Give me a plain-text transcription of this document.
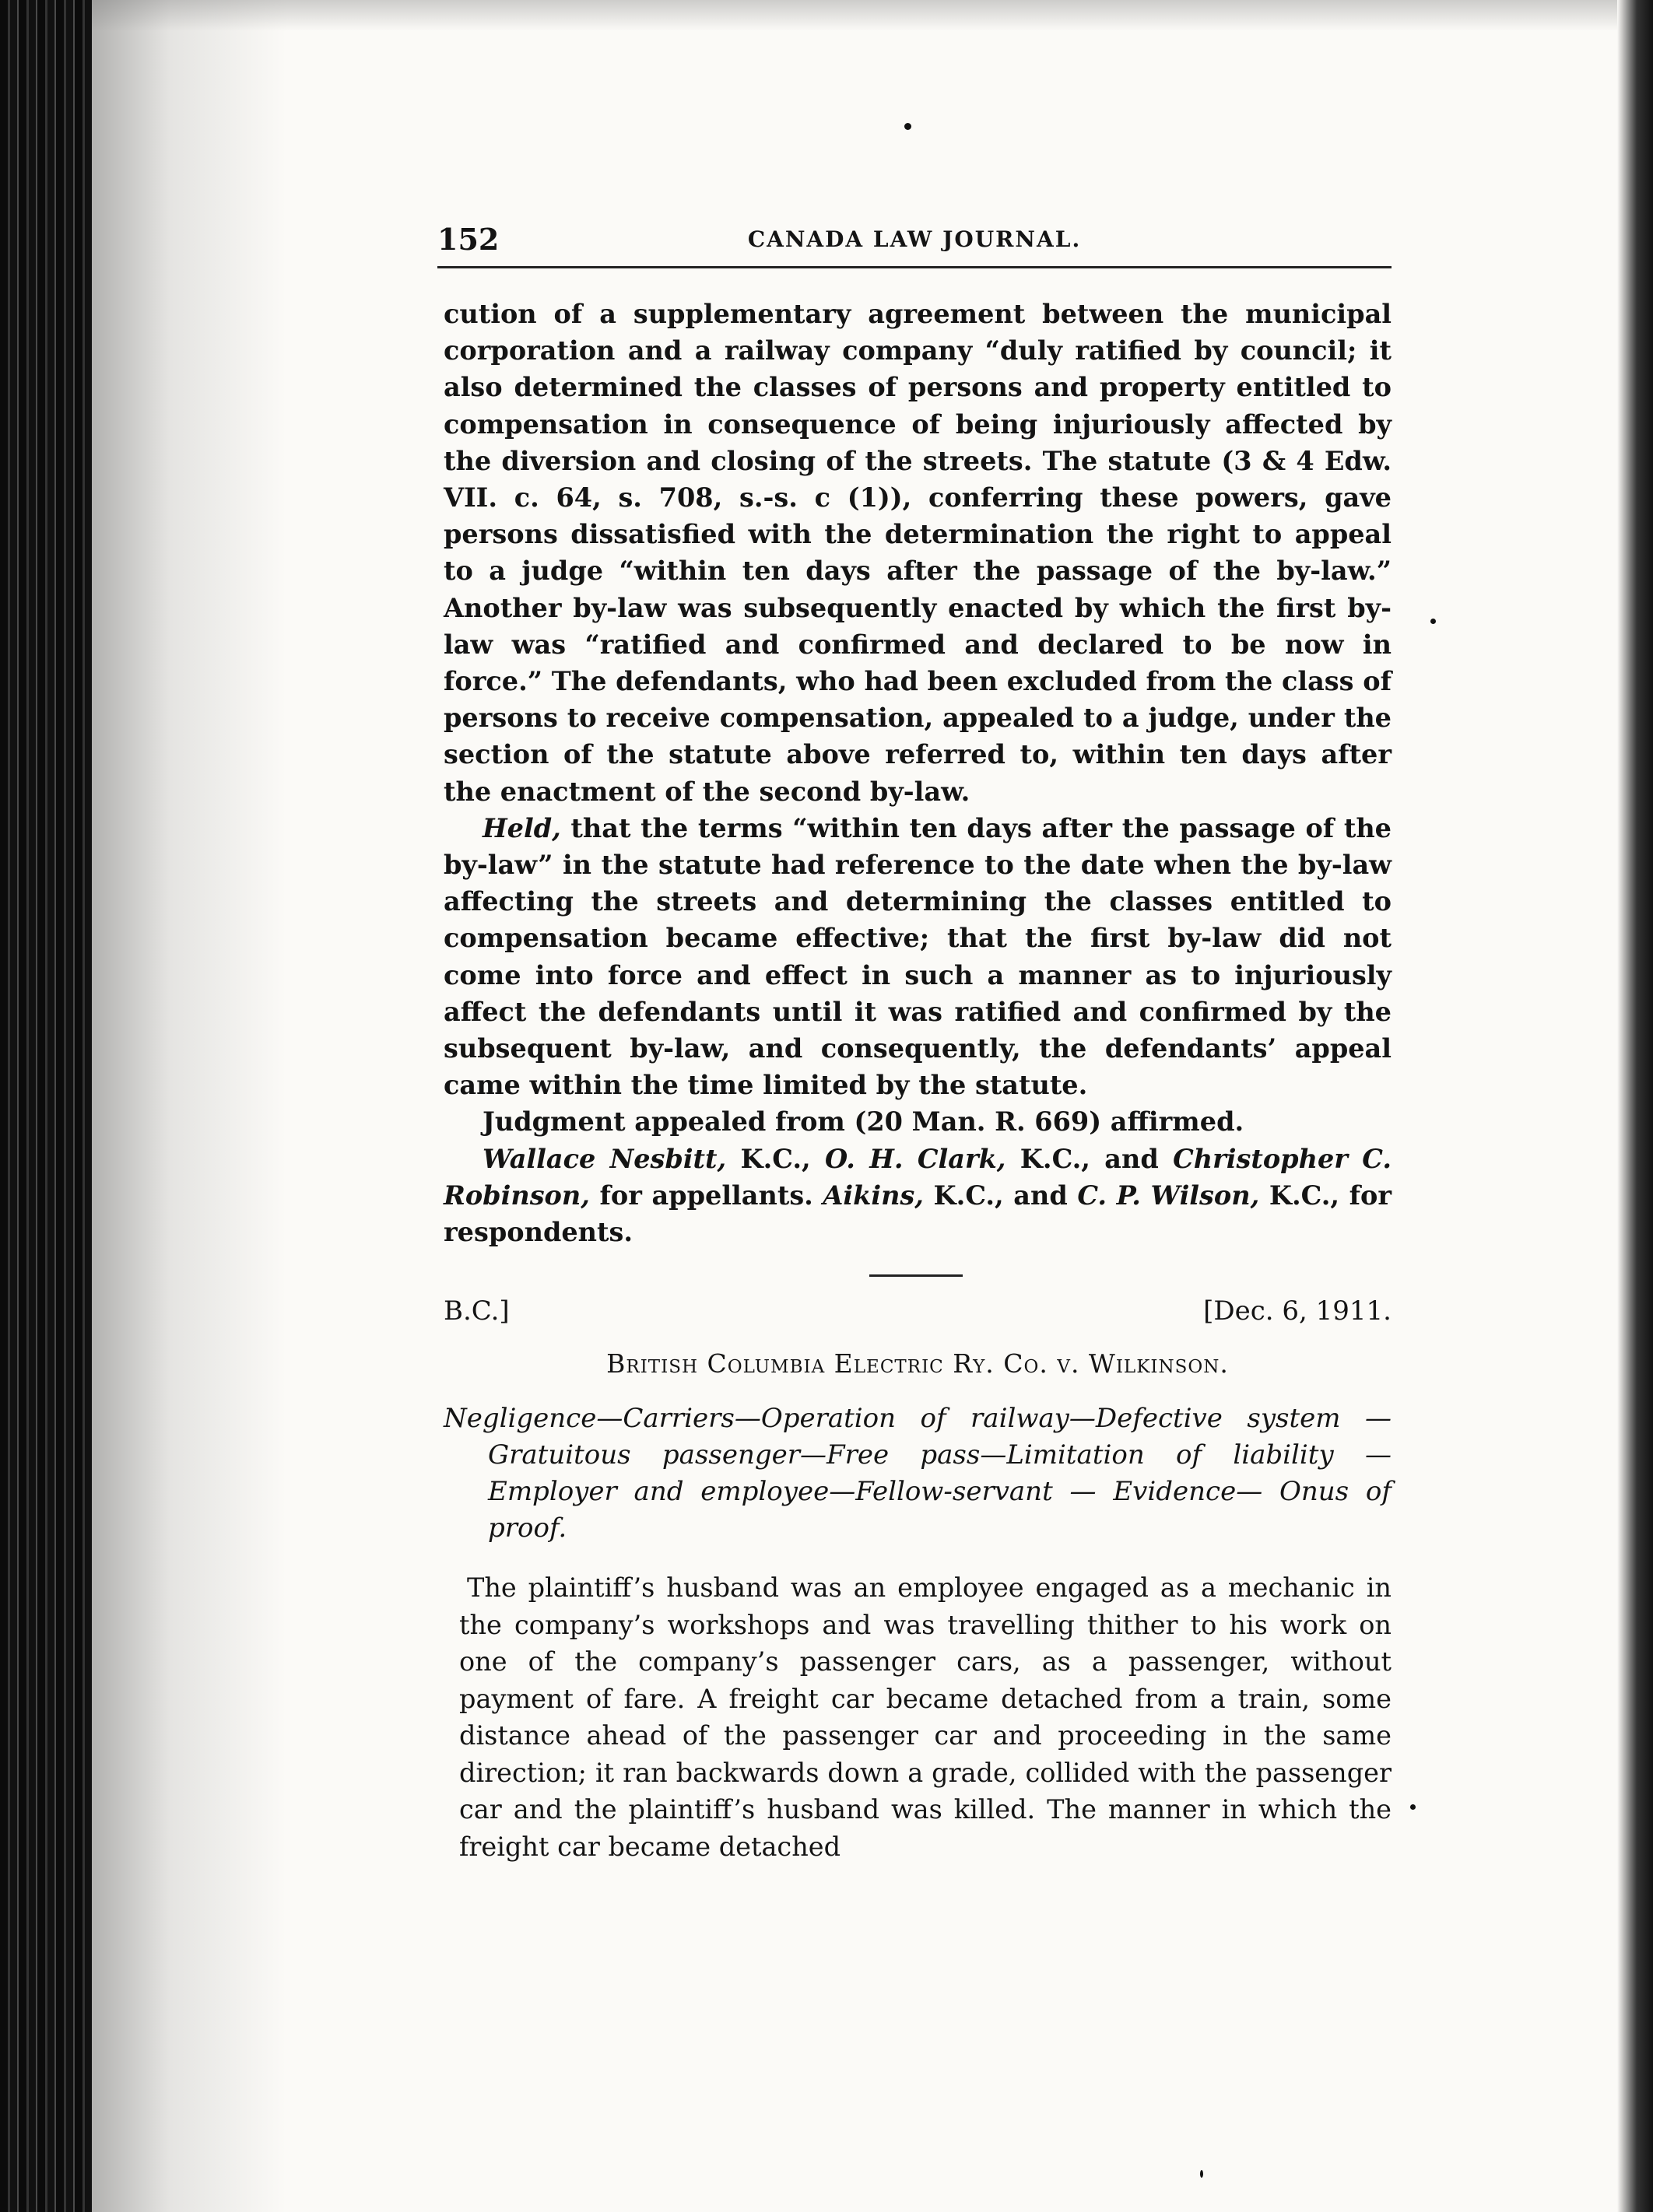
152	CANADA LAW JOURNAL.

cution of a supplementary agreement between the municipal corporation and a railway company “duly ratified by council; it also determined the classes of persons and property entitled to compensation in consequence of being injuriously affected by the diversion and closing of the streets. The statute (3 & 4 Edw. VII. c. 64, s. 708, s.-s. c (1)), conferring these powers, gave persons dissatisfied with the determination the right to appeal to a judge “within ten days after the passage of the by-law.” Another by-law was subsequently enacted by which the first by-law was “ratified and confirmed and declared to be now in force.” The defendants, who had been excluded from the class of persons to receive compensation, appealed to a judge, under the section of the statute above referred to, within ten days after the enactment of the second by-law.

Held, that the terms “within ten days after the passage of the by-law” in the statute had reference to the date when the by-law affecting the streets and determining the classes entitled to compensation became effective; that the first by-law did not come into force and effect in such a manner as to injuriously affect the defendants until it was ratified and confirmed by the subsequent by-law, and consequently, the defendants’ appeal came within the time limited by the statute.

Judgment appealed from (20 Man. R. 669) affirmed.

Wallace Nesbitt, K.C., O. H. Clark, K.C., and Christopher C. Robinson, for appellants. Aikins, K.C., and C. P. Wilson, K.C., for respondents.

B.C.]	[Dec. 6, 1911.
British Columbia Electric Ry. Co. v. Wilkinson.

Negligence—Carriers—Operation of railway—Defective system —Gratuitous passenger—Free pass—Limitation of liability —Employer and employee—Fellow-servant — Evidence— Onus of proof.

The plaintiff’s husband was an employee engaged as a mechanic in the company’s workshops and was travelling thither to his work on one of the company’s passenger cars, as a passenger, without payment of fare. A freight car became detached from a train, some distance ahead of the passenger car and proceeding in the same direction; it ran backwards down a grade, collided with the passenger car and the plaintiff’s husband was killed. The manner in which the freight car became detached
